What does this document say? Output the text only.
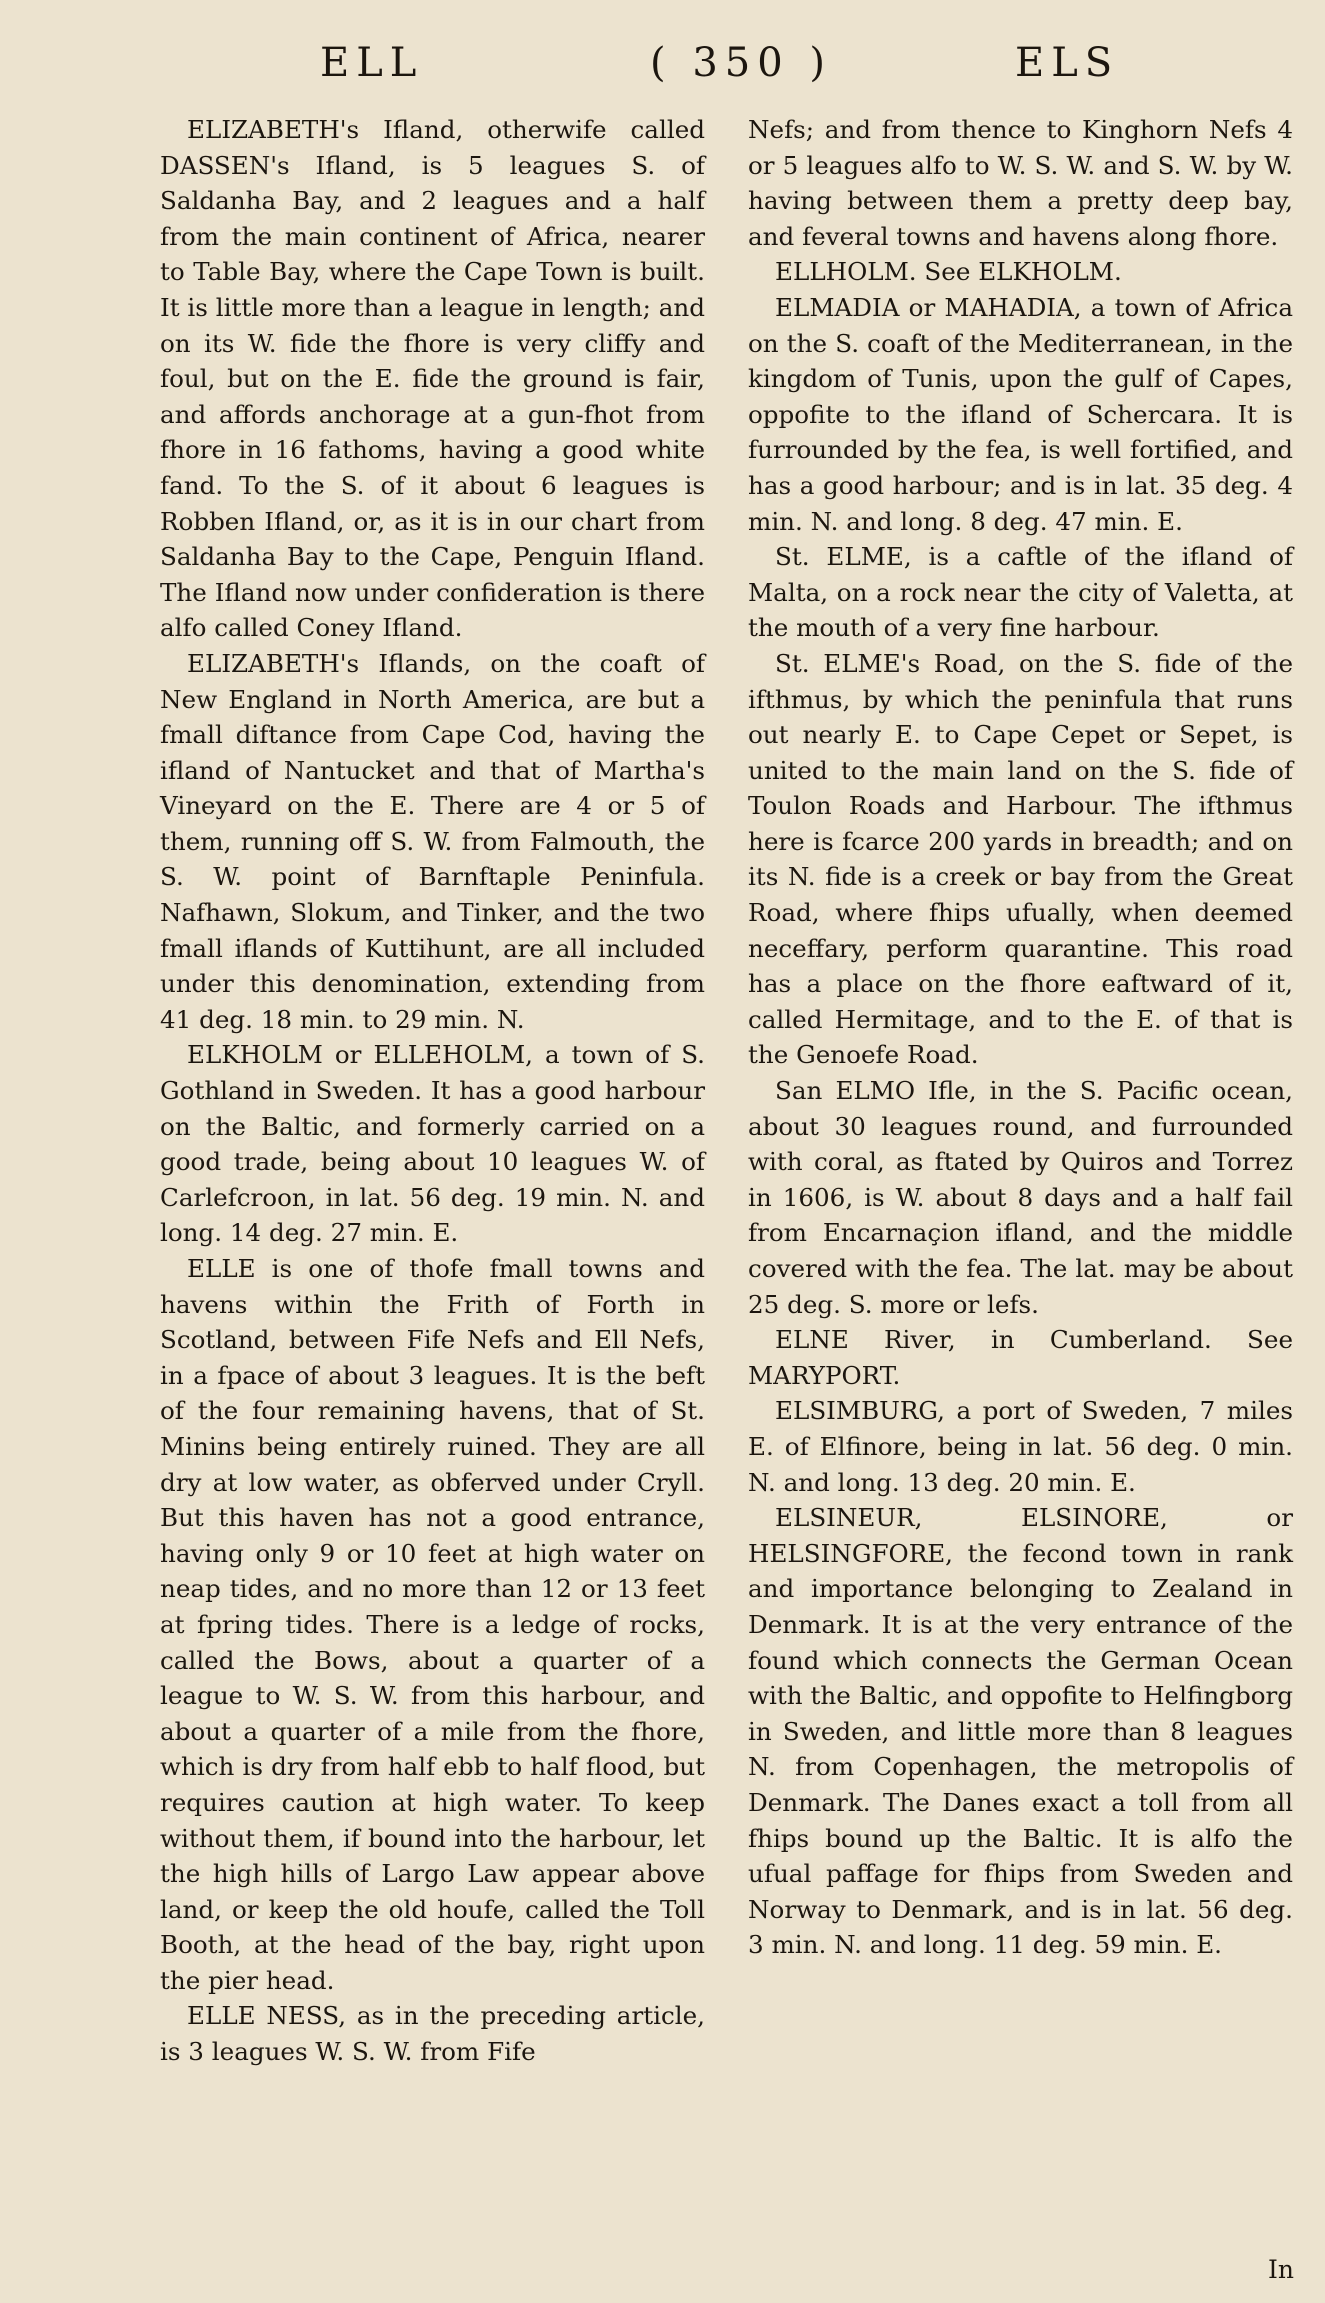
ELL	( 350 )	ELS

ELIZABETH's Ifland, otherwife called DASSEN's Ifland, is 5 leagues S. of Saldanha Bay, and 2 leagues and a half from the main continent of Africa, nearer to Table Bay, where the Cape Town is built. It is little more than a league in length; and on its W. fide the fhore is very cliffy and foul, but on the E. fide the ground is fair, and affords anchorage at a gun-fhot from fhore in 16 fathoms, having a good white fand. To the S. of it about 6 leagues is Robben Ifland, or, as it is in our chart from Saldanha Bay to the Cape, Penguin Ifland. The Ifland now under confideration is there alfo called Coney Ifland.

ELIZABETH's Iflands, on the coaft of New England in North America, are but a fmall diftance from Cape Cod, having the ifland of Nantucket and that of Martha's Vineyard on the E. There are 4 or 5 of them, running off S. W. from Falmouth, the S. W. point of Barnftaple Peninfula. Nafhawn, Slokum, and Tinker, and the two fmall iflands of Kuttihunt, are all included under this denomination, extending from 41 deg. 18 min. to 29 min. N.

ELKHOLM or ELLEHOLM, a town of S. Gothland in Sweden. It has a good harbour on the Baltic, and formerly carried on a good trade, being about 10 leagues W. of Carlefcroon, in lat. 56 deg. 19 min. N. and long. 14 deg. 27 min. E.

ELLE is one of thofe fmall towns and havens within the Frith of Forth in Scotland, between Fife Nefs and Ell Nefs, in a fpace of about 3 leagues. It is the beft of the four remaining havens, that of St. Minins being entirely ruined. They are all dry at low water, as obferved under Cryll. But this haven has not a good entrance, having only 9 or 10 feet at high water on neap tides, and no more than 12 or 13 feet at fpring tides. There is a ledge of rocks, called the Bows, about a quarter of a league to W. S. W. from this harbour, and about a quarter of a mile from the fhore, which is dry from half ebb to half flood, but requires caution at high water. To keep without them, if bound into the harbour, let the high hills of Largo Law appear above land, or keep the old houfe, called the Toll Booth, at the head of the bay, right upon the pier head.

ELLE NESS, as in the preceding article, is 3 leagues W. S. W. from Fife

Nefs; and from thence to Kinghorn Nefs 4 or 5 leagues alfo to W. S. W. and S. W. by W. having between them a pretty deep bay, and feveral towns and havens along fhore.

ELLHOLM. See ELKHOLM.

ELMADIA or MAHADIA, a town of Africa on the S. coaft of the Mediterranean, in the kingdom of Tunis, upon the gulf of Capes, oppofite to the ifland of Schercara. It is furrounded by the fea, is well fortified, and has a good harbour; and is in lat. 35 deg. 4 min. N. and long. 8 deg. 47 min. E.

St. ELME, is a caftle of the ifland of Malta, on a rock near the city of Valetta, at the mouth of a very fine harbour.

St. ELME's Road, on the S. fide of the ifthmus, by which the peninfula that runs out nearly E. to Cape Cepet or Sepet, is united to the main land on the S. fide of Toulon Roads and Harbour. The ifthmus here is fcarce 200 yards in breadth; and on its N. fide is a creek or bay from the Great Road, where fhips ufually, when deemed neceffary, perform quarantine. This road has a place on the fhore eaftward of it, called Hermitage, and to the E. of that is the Genoefe Road.

San ELMO Ifle, in the S. Pacific ocean, about 30 leagues round, and furrounded with coral, as ftated by Quiros and Torrez in 1606, is W. about 8 days and a half fail from Encarnaçion ifland, and the middle covered with the fea. The lat. may be about 25 deg. S. more or lefs.

ELNE River, in Cumberland. See MARYPORT.

ELSIMBURG, a port of Sweden, 7 miles E. of Elfinore, being in lat. 56 deg. 0 min. N. and long. 13 deg. 20 min. E.

ELSINEUR, ELSINORE, or HELSINGFORE, the fecond town in rank and importance belonging to Zealand in Denmark. It is at the very entrance of the found which connects the German Ocean with the Baltic, and oppofite to Helfingborg in Sweden, and little more than 8 leagues N. from Copenhagen, the metropolis of Denmark. The Danes exact a toll from all fhips bound up the Baltic. It is alfo the ufual paffage for fhips from Sweden and Norway to Denmark, and is in lat. 56 deg. 3 min. N. and long. 11 deg. 59 min. E.

In
